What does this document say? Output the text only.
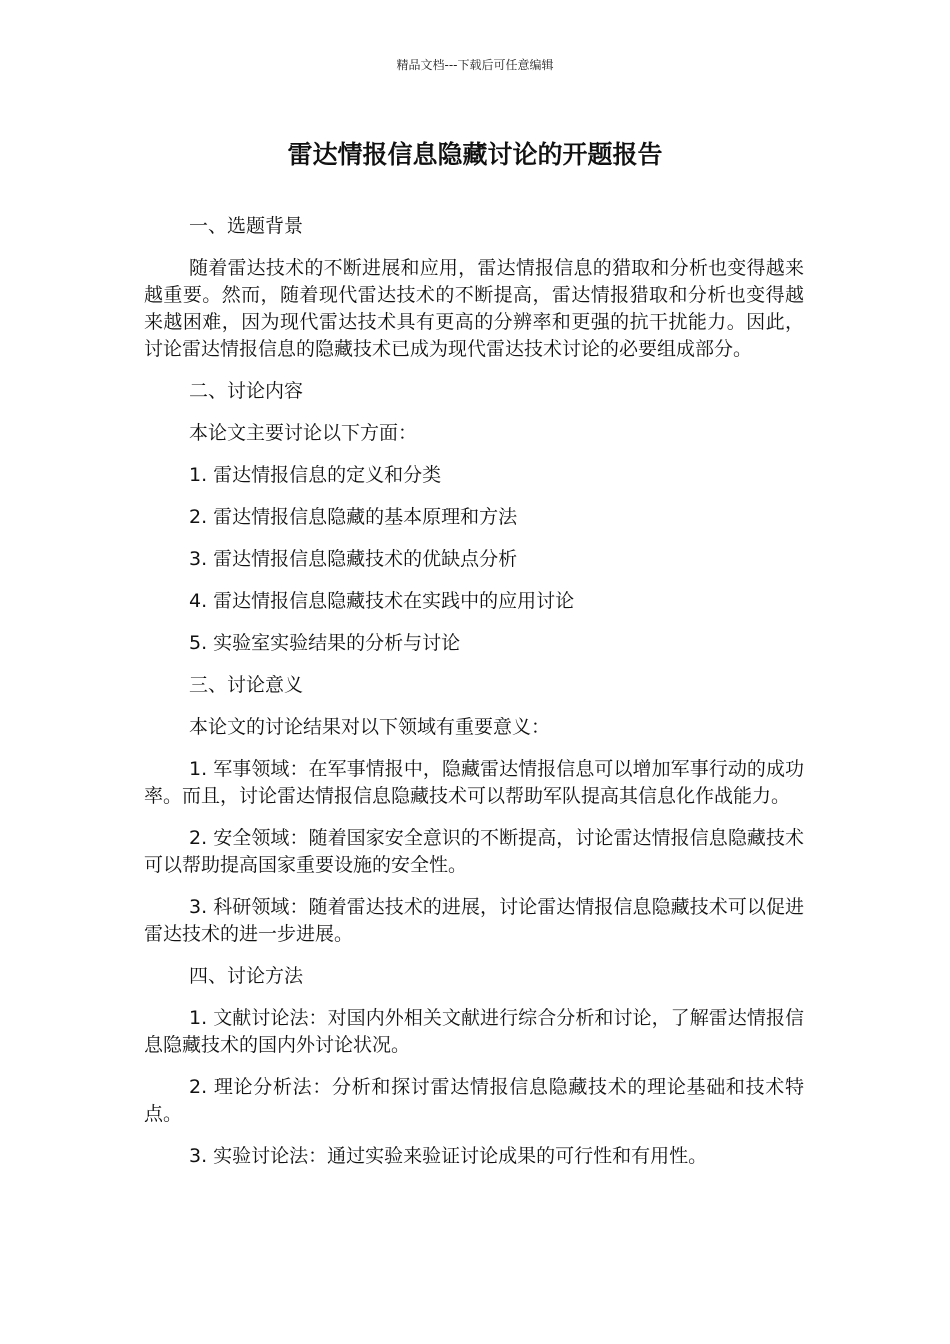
精品文档---下载后可任意编辑
雷达情报信息隐藏讨论的开题报告

一、选题背景

随着雷达技术的不断进展和应用，雷达情报信息的猎取和分析也变得越来越重要。然而，随着现代雷达技术的不断提高，雷达情报猎取和分析也变得越来越困难，因为现代雷达技术具有更高的分辨率和更强的抗干扰能力。因此，讨论雷达情报信息的隐藏技术已成为现代雷达技术讨论的必要组成部分。

二、讨论内容

本论文主要讨论以下方面：

1. 雷达情报信息的定义和分类

2. 雷达情报信息隐藏的基本原理和方法

3. 雷达情报信息隐藏技术的优缺点分析

4. 雷达情报信息隐藏技术在实践中的应用讨论

5. 实验室实验结果的分析与讨论

三、讨论意义

本论文的讨论结果对以下领域有重要意义：

1. 军事领域：在军事情报中，隐藏雷达情报信息可以增加军事行动的成功率。而且，讨论雷达情报信息隐藏技术可以帮助军队提高其信息化作战能力。

2. 安全领域：随着国家安全意识的不断提高，讨论雷达情报信息隐藏技术可以帮助提高国家重要设施的安全性。

3. 科研领域：随着雷达技术的进展，讨论雷达情报信息隐藏技术可以促进雷达技术的进一步进展。

四、讨论方法

1. 文献讨论法：对国内外相关文献进行综合分析和讨论，了解雷达情报信息隐藏技术的国内外讨论状况。

2. 理论分析法：分析和探讨雷达情报信息隐藏技术的理论基础和技术特点。

3. 实验讨论法：通过实验来验证讨论成果的可行性和有用性。
